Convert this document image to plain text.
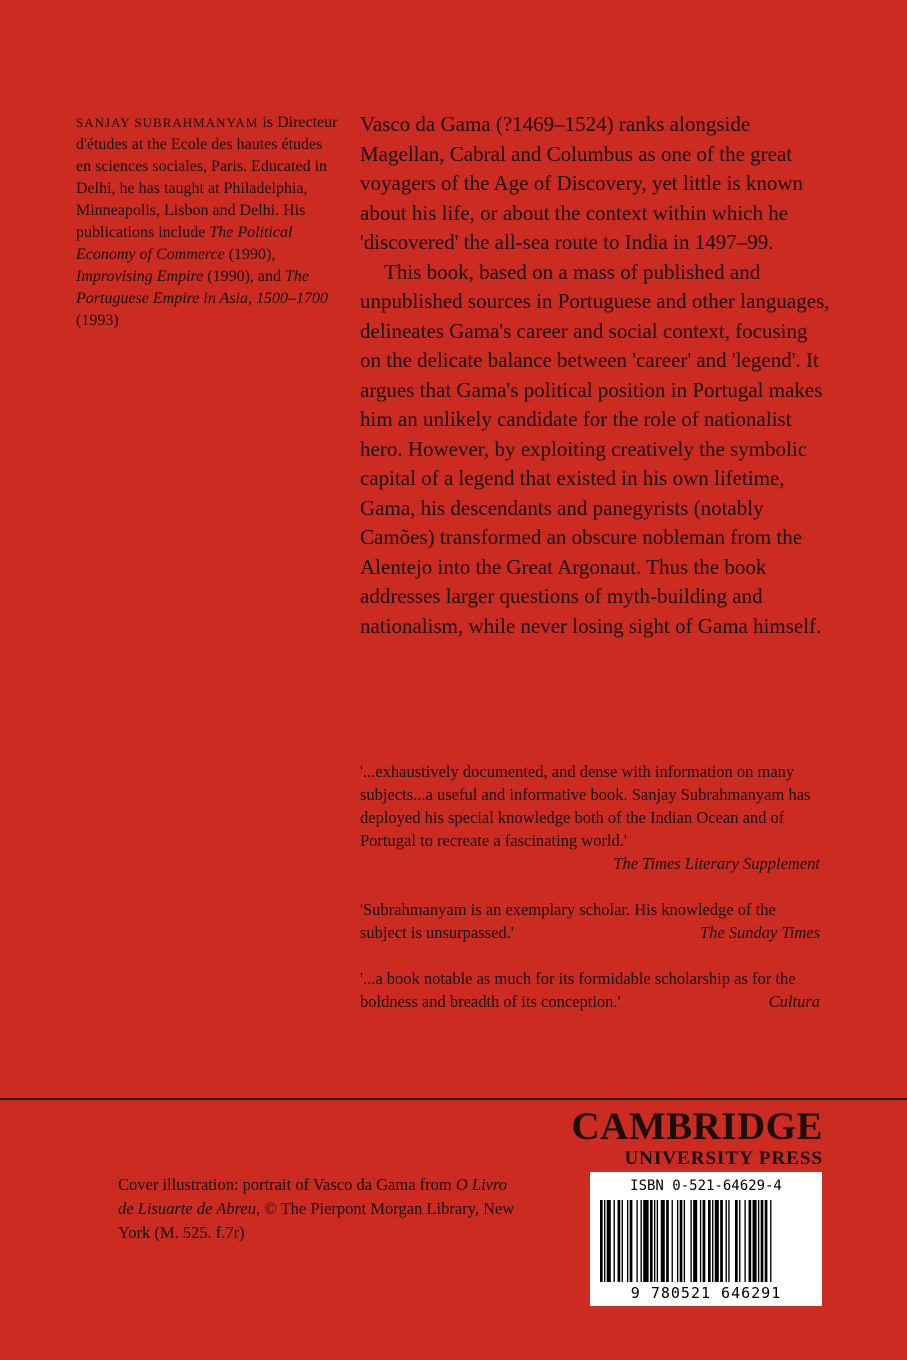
SANJAY SUBRAHMANYAM is Directeur d'études at the Ecole des hautes études en sciences sociales, Paris. Educated in Delhi, he has taught at Philadelphia, Minneapolis, Lisbon and Delhi. His publications include The Political Economy of Commerce (1990), Improvising Empire (1990), and The Portuguese Empire in Asia, 1500–1700 (1993)

Vasco da Gama (?1469–1524) ranks alongside Magellan, Cabral and Columbus as one of the great voyagers of the Age of Discovery, yet little is known about his life, or about the context within which he 'discovered' the all-sea route to India in 1497–99.

This book, based on a mass of published and unpublished sources in Portuguese and other languages, delineates Gama's career and social context, focusing on the delicate balance between 'career' and 'legend'. It argues that Gama's political position in Portugal makes him an unlikely candidate for the role of nationalist hero. However, by exploiting creatively the symbolic capital of a legend that existed in his own lifetime, Gama, his descendants and panegyrists (notably Camões) transformed an obscure nobleman from the Alentejo into the Great Argonaut. Thus the book addresses larger questions of myth-building and nationalism, while never losing sight of Gama himself.

'...exhaustively documented, and dense with information on many subjects...a useful and informative book. Sanjay Subrahmanyam has deployed his special knowledge both of the Indian Ocean and of Portugal to recreate a fascinating world.'
The Times Literary Supplement
'Subrahmanyam is an exemplary scholar. His knowledge of the subject is unsurpassed.'	The Sunday Times
'...a book notable as much for its formidable scholarship as for the boldness and breadth of its conception.'	Cultura
CAMBRIDGE
UNIVERSITY PRESS
Cover illustration: portrait of Vasco da Gama from O Livro de Lisuarte de Abreu, © The Pierpont Morgan Library, New York (M. 525. f.7r)
ISBN 0-521-64629-4
9 780521 646291
